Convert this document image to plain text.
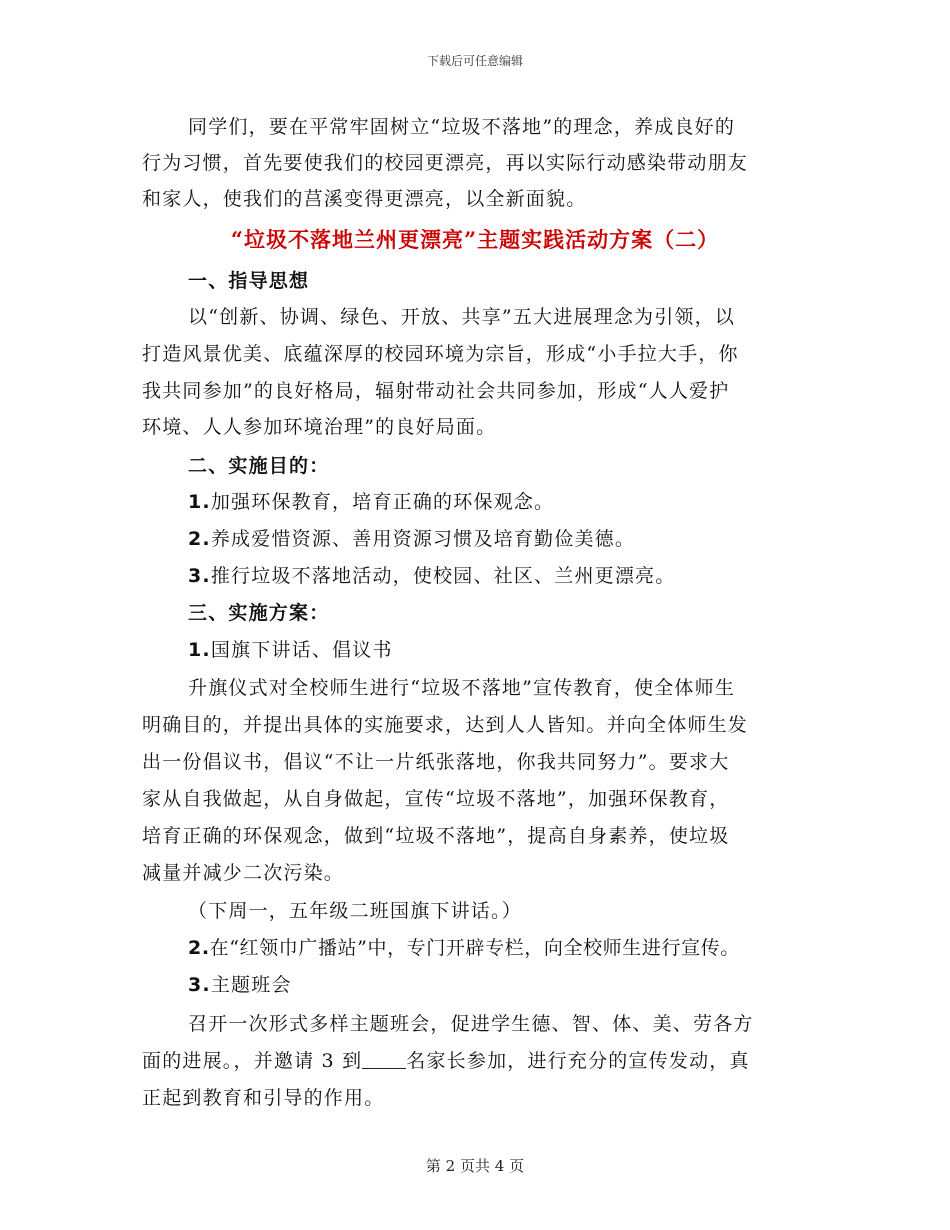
下载后可任意编辑
同学们，要在平常牢固树立“垃圾不落地”的理念，养成良好的
行为习惯，首先要使我们的校园更漂亮，再以实际行动感染带动朋友
和家人，使我们的莒溪变得更漂亮，以全新面貌。
“垃圾不落地兰州更漂亮”主题实践活动方案（二）
一、指导思想
以“创新、协调、绿色、开放、共享”五大进展理念为引领，以
打造风景优美、底蕴深厚的校园环境为宗旨，形成“小手拉大手，你
我共同参加”的良好格局，辐射带动社会共同参加，形成“人人爱护
环境、人人参加环境治理”的良好局面。
二、实施目的：
1.加强环保教育，培育正确的环保观念。
2.养成爱惜资源、善用资源习惯及培育勤俭美德。
3.推行垃圾不落地活动，使校园、社区、兰州更漂亮。
三、实施方案：
1.国旗下讲话、倡议书
升旗仪式对全校师生进行“垃圾不落地”宣传教育，使全体师生
明确目的，并提出具体的实施要求，达到人人皆知。并向全体师生发
出一份倡议书，倡议“不让一片纸张落地，你我共同努力”。要求大
家从自我做起，从自身做起，宣传“垃圾不落地”，加强环保教育，
培育正确的环保观念，做到“垃圾不落地”，提高自身素养，使垃圾
减量并减少二次污染。
（下周一，五年级二班国旗下讲话。）
2.在“红领巾广播站”中，专门开辟专栏，向全校师生进行宣传。
3.主题班会
召开一次形式多样主题班会，促进学生德、智、体、美、劳各方
面的进展。，并邀请 3 到 名家长参加，进行充分的宣传发动，真
正起到教育和引导的作用。
第 2 页共 4 页
